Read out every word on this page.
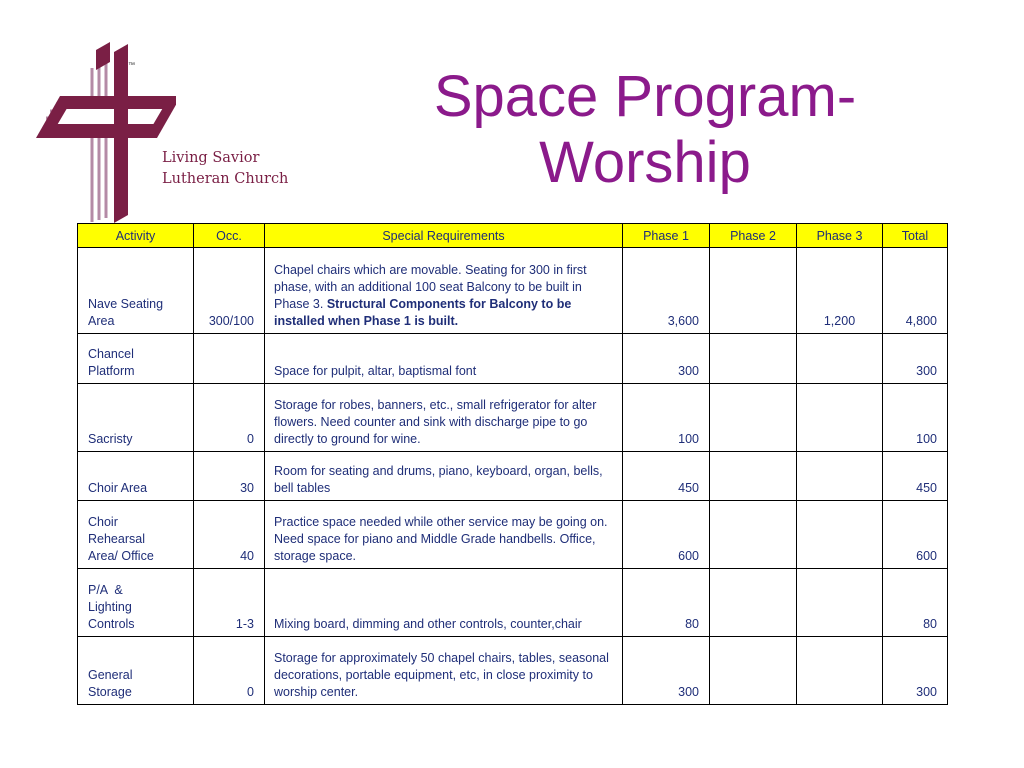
™
Living Savior
Lutheran Church
Space Program-
Worship
Activity	Occ.	Special Requirements	Phase 1	Phase 2	Phase 3	Total

Nave Seating
Area	300/100	Chapel chairs which are movable. Seating for 300 in first phase, with an additional 100 seat Balcony to be built in Phase 3. Structural Components for Balcony to be installed when Phase 1 is built.	3,600		1,200	4,800

Chancel
Platform		Space for pulpit, altar, baptismal font	300			300

Sacristy	0	Storage for robes, banners, etc., small refrigerator for alter flowers. Need counter and sink with discharge pipe to go directly to ground for wine.	100			100

Choir Area	30	Room for seating and drums, piano, keyboard, organ, bells, bell tables	450			450

Choir
Rehearsal
Area/ Office	40	Practice space needed while other service may be going on. Need space for piano and Middle Grade handbells. Office, storage space.	600			600

P/A  &
Lighting
Controls	1-3	Mixing board, dimming and other controls, counter,chair	80			80

General
Storage	0	Storage for approximately 50 chapel chairs, tables, seasonal decorations, portable equipment, etc, in close proximity to worship center.	300			300
